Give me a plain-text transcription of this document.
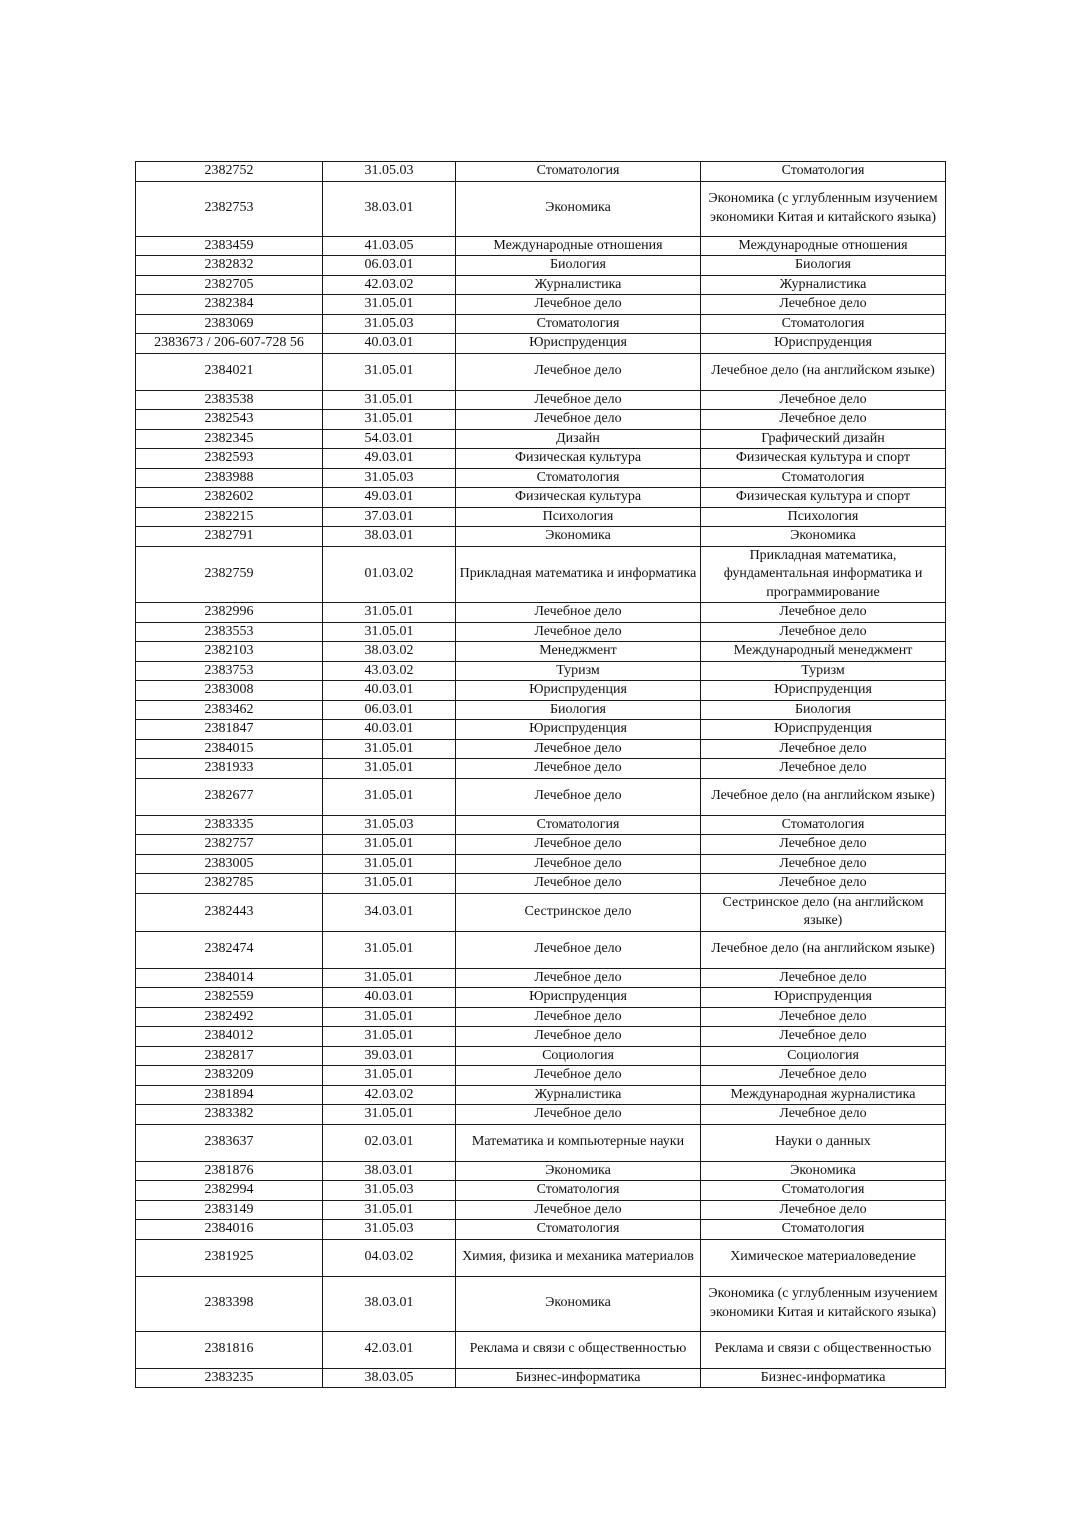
2382752	31.05.03	Стоматология	Стоматология
2382753	38.03.01	Экономика	Экономика (с углубленным изучением экономики Китая и китайского языка)
2383459	41.03.05	Международные отношения	Международные отношения
2382832	06.03.01	Биология	Биология
2382705	42.03.02	Журналистика	Журналистика
2382384	31.05.01	Лечебное дело	Лечебное дело
2383069	31.05.03	Стоматология	Стоматология
2383673 / 206-607-728 56	40.03.01	Юриспруденция	Юриспруденция
2384021	31.05.01	Лечебное дело	Лечебное дело (на английском языке)
2383538	31.05.01	Лечебное дело	Лечебное дело
2382543	31.05.01	Лечебное дело	Лечебное дело
2382345	54.03.01	Дизайн	Графический дизайн
2382593	49.03.01	Физическая культура	Физическая культура и спорт
2383988	31.05.03	Стоматология	Стоматология
2382602	49.03.01	Физическая культура	Физическая культура и спорт
2382215	37.03.01	Психология	Психология
2382791	38.03.01	Экономика	Экономика
2382759	01.03.02	Прикладная математика и информатика	Прикладная математика, фундаментальная информатика и программирование
2382996	31.05.01	Лечебное дело	Лечебное дело
2383553	31.05.01	Лечебное дело	Лечебное дело
2382103	38.03.02	Менеджмент	Международный менеджмент
2383753	43.03.02	Туризм	Туризм
2383008	40.03.01	Юриспруденция	Юриспруденция
2383462	06.03.01	Биология	Биология
2381847	40.03.01	Юриспруденция	Юриспруденция
2384015	31.05.01	Лечебное дело	Лечебное дело
2381933	31.05.01	Лечебное дело	Лечебное дело
2382677	31.05.01	Лечебное дело	Лечебное дело (на английском языке)
2383335	31.05.03	Стоматология	Стоматология
2382757	31.05.01	Лечебное дело	Лечебное дело
2383005	31.05.01	Лечебное дело	Лечебное дело
2382785	31.05.01	Лечебное дело	Лечебное дело
2382443	34.03.01	Сестринское дело	Сестринское дело (на английском языке)
2382474	31.05.01	Лечебное дело	Лечебное дело (на английском языке)
2384014	31.05.01	Лечебное дело	Лечебное дело
2382559	40.03.01	Юриспруденция	Юриспруденция
2382492	31.05.01	Лечебное дело	Лечебное дело
2384012	31.05.01	Лечебное дело	Лечебное дело
2382817	39.03.01	Социология	Социология
2383209	31.05.01	Лечебное дело	Лечебное дело
2381894	42.03.02	Журналистика	Международная журналистика
2383382	31.05.01	Лечебное дело	Лечебное дело
2383637	02.03.01	Математика и компьютерные науки	Науки о данных
2381876	38.03.01	Экономика	Экономика
2382994	31.05.03	Стоматология	Стоматология
2383149	31.05.01	Лечебное дело	Лечебное дело
2384016	31.05.03	Стоматология	Стоматология
2381925	04.03.02	Химия, физика и механика материалов	Химическое материаловедение
2383398	38.03.01	Экономика	Экономика (с углубленным изучением экономики Китая и китайского языка)
2381816	42.03.01	Реклама и связи с общественностью	Реклама и связи с общественностью
2383235	38.03.05	Бизнес-информатика	Бизнес-информатика
